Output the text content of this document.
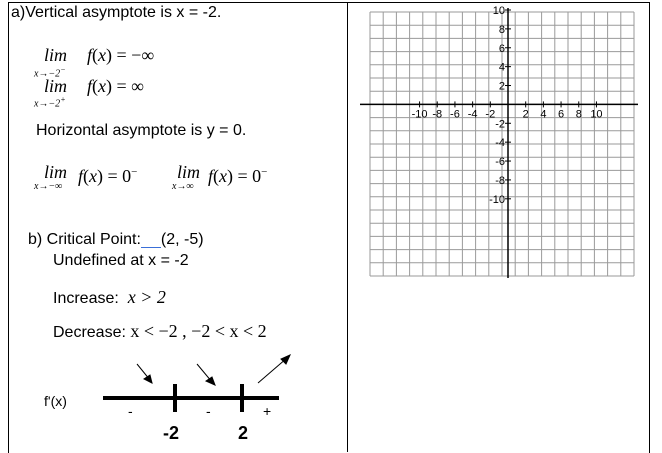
a)Vertical asymptote is x = -2.
lim
x→−2−
f(x) = −∞
lim
x→−2+
f(x) = ∞
Horizontal asymptote is y = 0.
lim
x→−∞
f(x) = 0− lim
x→∞
f(x) = 0−
b) Critical Point: (2, -5)
Undefined at x = -2
Increase: x > 2
Decrease: x < −2 , −2 < x < 2
f'(x)
-2	2
-	-	+
-10 -8 -6 -4 -2 2 4 6 8 10
10
8
6
4
2
-2
-4
-6
-8
-10
